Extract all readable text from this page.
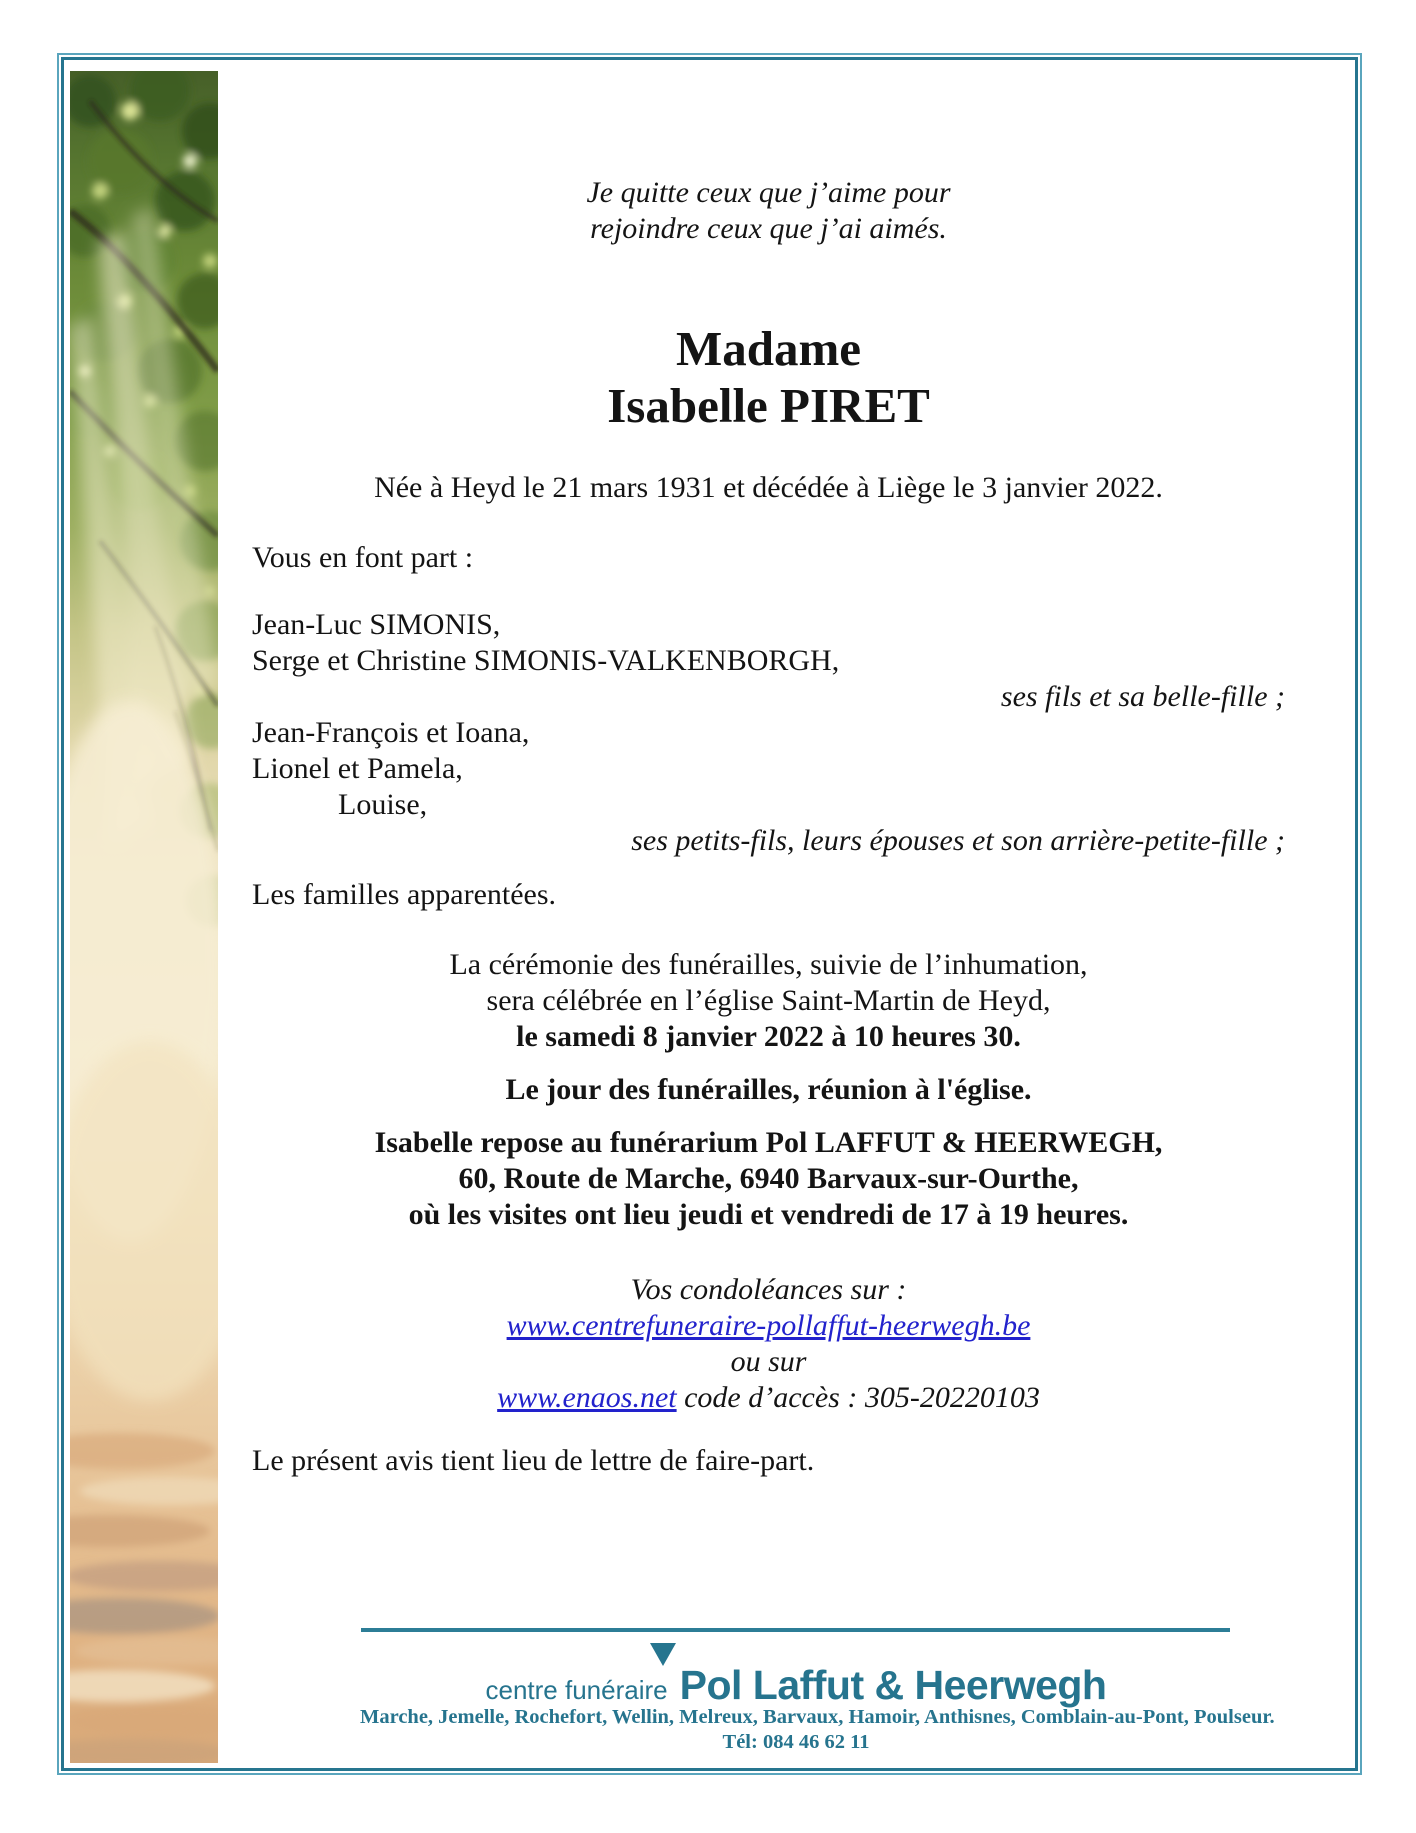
Je quitte ceux que j’aime pour
rejoindre ceux que j’ai aimés.
Madame
Isabelle PIRET
Née à Heyd le 21 mars 1931 et décédée à Liège le 3 janvier 2022.
Vous en font part :
Jean-Luc SIMONIS,
Serge et Christine SIMONIS-VALKENBORGH,
ses fils et sa belle-fille ;
Jean-François et Ioana,
Lionel et Pamela,
Louise,
ses petits-fils, leurs épouses et son arrière-petite-fille ;
Les familles apparentées.
La cérémonie des funérailles, suivie de l’inhumation,
sera célébrée en l’église Saint-Martin de Heyd,
le samedi 8 janvier 2022 à 10 heures 30.
Le jour des funérailles, réunion à l'église.
Isabelle repose au funérarium Pol LAFFUT & HEERWEGH,
60, Route de Marche, 6940 Barvaux-sur-Ourthe,
où les visites ont lieu jeudi et vendredi de 17 à 19 heures.
Vos condoléances sur :
www.centrefuneraire-pollaffut-heerwegh.be
ou sur
www.enaos.net code d’accès : 305-20220103
Le présent avis tient lieu de lettre de faire-part.
centre funéraire Pol Laffut & Heerwegh
Marche, Jemelle, Rochefort, Wellin, Melreux, Barvaux, Hamoir, Anthisnes, Comblain-au-Pont, Poulseur.
Tél: 084 46 62 11
